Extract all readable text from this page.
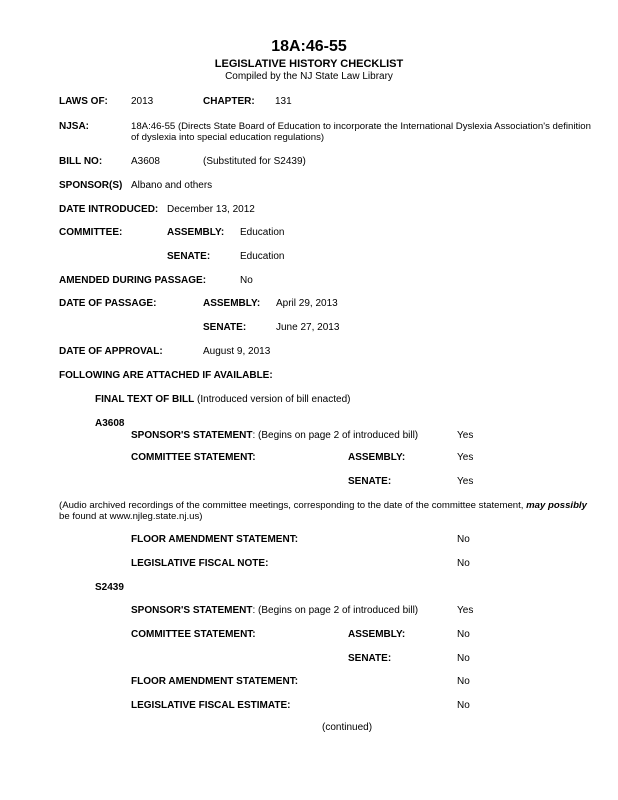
18A:46-55
LEGISLATIVE HISTORY CHECKLIST
Compiled by the NJ State Law Library
LAWS OF: 2013	CHAPTER: 131
NJSA:	18A:46-55 (Directs State Board of Education to incorporate the International Dyslexia Association's definition
of dyslexia into special education regulations)
BILL NO:	A3608	(Substituted for S2439)
SPONSOR(S) Albano and others
DATE INTRODUCED: December 13, 2012
COMMITTEE:	ASSEMBLY: Education
SENATE:	Education
AMENDED DURING PASSAGE:	No
DATE OF PASSAGE:	ASSEMBLY: April 29, 2013
SENATE:	June 27, 2013
DATE OF APPROVAL:	August 9, 2013
FOLLOWING ARE ATTACHED IF AVAILABLE:
FINAL TEXT OF BILL (Introduced version of bill enacted)
A3608
SPONSOR'S STATEMENT: (Begins on page 2 of introduced bill)	Yes
COMMITTEE STATEMENT:	ASSEMBLY:	Yes
SENATE:	Yes
(Audio archived recordings of the committee meetings, corresponding to the date of the committee statement, may possibly
be found at www.njleg.state.nj.us)
FLOOR AMENDMENT STATEMENT:	No
LEGISLATIVE FISCAL NOTE:	No
S2439
SPONSOR'S STATEMENT: (Begins on page 2 of introduced bill)	Yes
COMMITTEE STATEMENT:	ASSEMBLY:	No
SENATE:	No
FLOOR AMENDMENT STATEMENT:	No
LEGISLATIVE FISCAL ESTIMATE:	No
(continued)
